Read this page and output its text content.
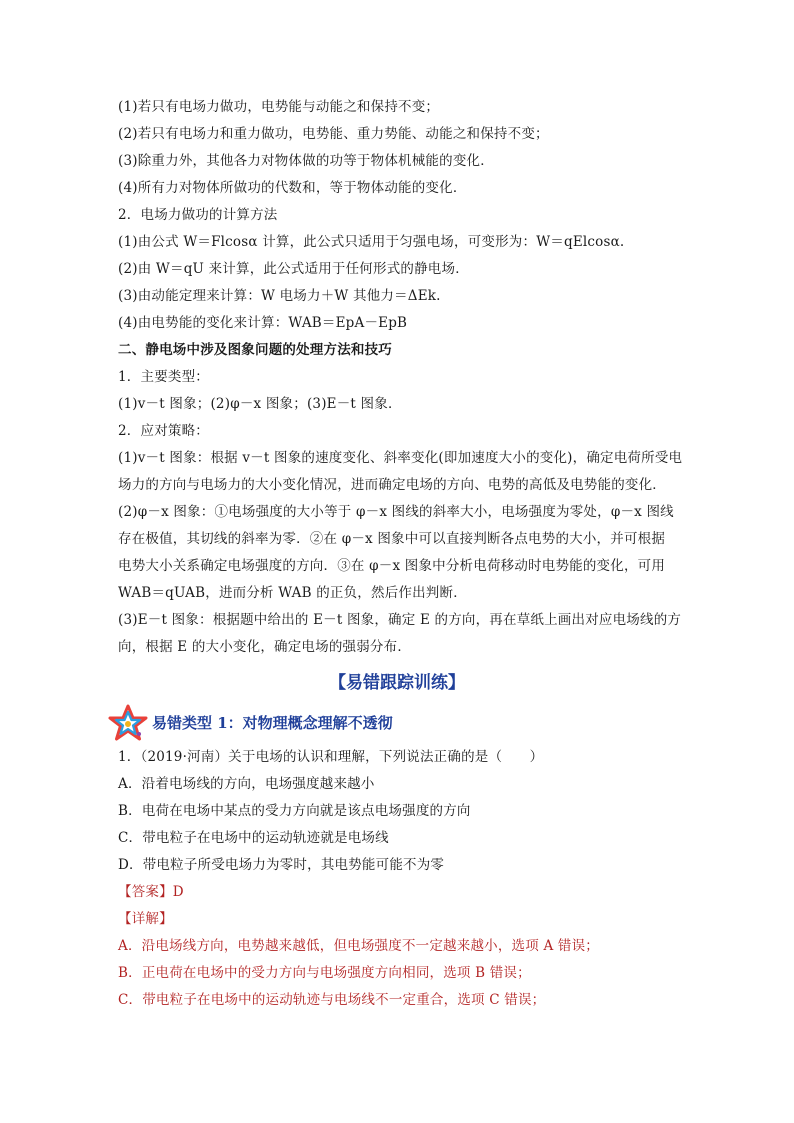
(1)若只有电场力做功，电势能与动能之和保持不变；
(2)若只有电场力和重力做功，电势能、重力势能、动能之和保持不变；
(3)除重力外，其他各力对物体做的功等于物体机械能的变化．
(4)所有力对物体所做功的代数和，等于物体动能的变化．
2．电场力做功的计算方法
(1)由公式 W＝Flcosα 计算，此公式只适用于匀强电场，可变形为：W＝qElcosα.
(2)由 W＝qU 来计算，此公式适用于任何形式的静电场．
(3)由动能定理来计算：W 电场力＋W 其他力＝ΔEk.
(4)由电势能的变化来计算：WAB＝EpA－EpB
二、静电场中涉及图象问题的处理方法和技巧
1．主要类型：
(1)v－t 图象；(2)φ－x 图象；(3)E－t 图象．
2．应对策略：
(1)v－t 图象：根据 v－t 图象的速度变化、斜率变化(即加速度大小的变化)，确定电荷所受电
场力的方向与电场力的大小变化情况，进而确定电场的方向、电势的高低及电势能的变化．
(2)φ－x 图象：①电场强度的大小等于 φ－x 图线的斜率大小，电场强度为零处，φ－x 图线
存在极值，其切线的斜率为零．②在 φ－x 图象中可以直接判断各点电势的大小，并可根据
电势大小关系确定电场强度的方向．③在 φ－x 图象中分析电荷移动时电势能的变化，可用
WAB＝qUAB，进而分析 WAB 的正负，然后作出判断．
(3)E－t 图象：根据题中给出的 E－t 图象，确定 E 的方向，再在草纸上画出对应电场线的方
向，根据 E 的大小变化，确定电场的强弱分布．
【易错跟踪训练】
易错类型 1：对物理概念理解不透彻
1．（2019·河南）关于电场的认识和理解，下列说法正确的是（　　）
A．沿着电场线的方向，电场强度越来越小
B．电荷在电场中某点的受力方向就是该点电场强度的方向
C．带电粒子在电场中的运动轨迹就是电场线
D．带电粒子所受电场力为零时，其电势能可能不为零
【答案】D
【详解】
A．沿电场线方向，电势越来越低，但电场强度不一定越来越小，选项 A 错误；
B．正电荷在电场中的受力方向与电场强度方向相同，选项 B 错误；
C．带电粒子在电场中的运动轨迹与电场线不一定重合，选项 C 错误；
